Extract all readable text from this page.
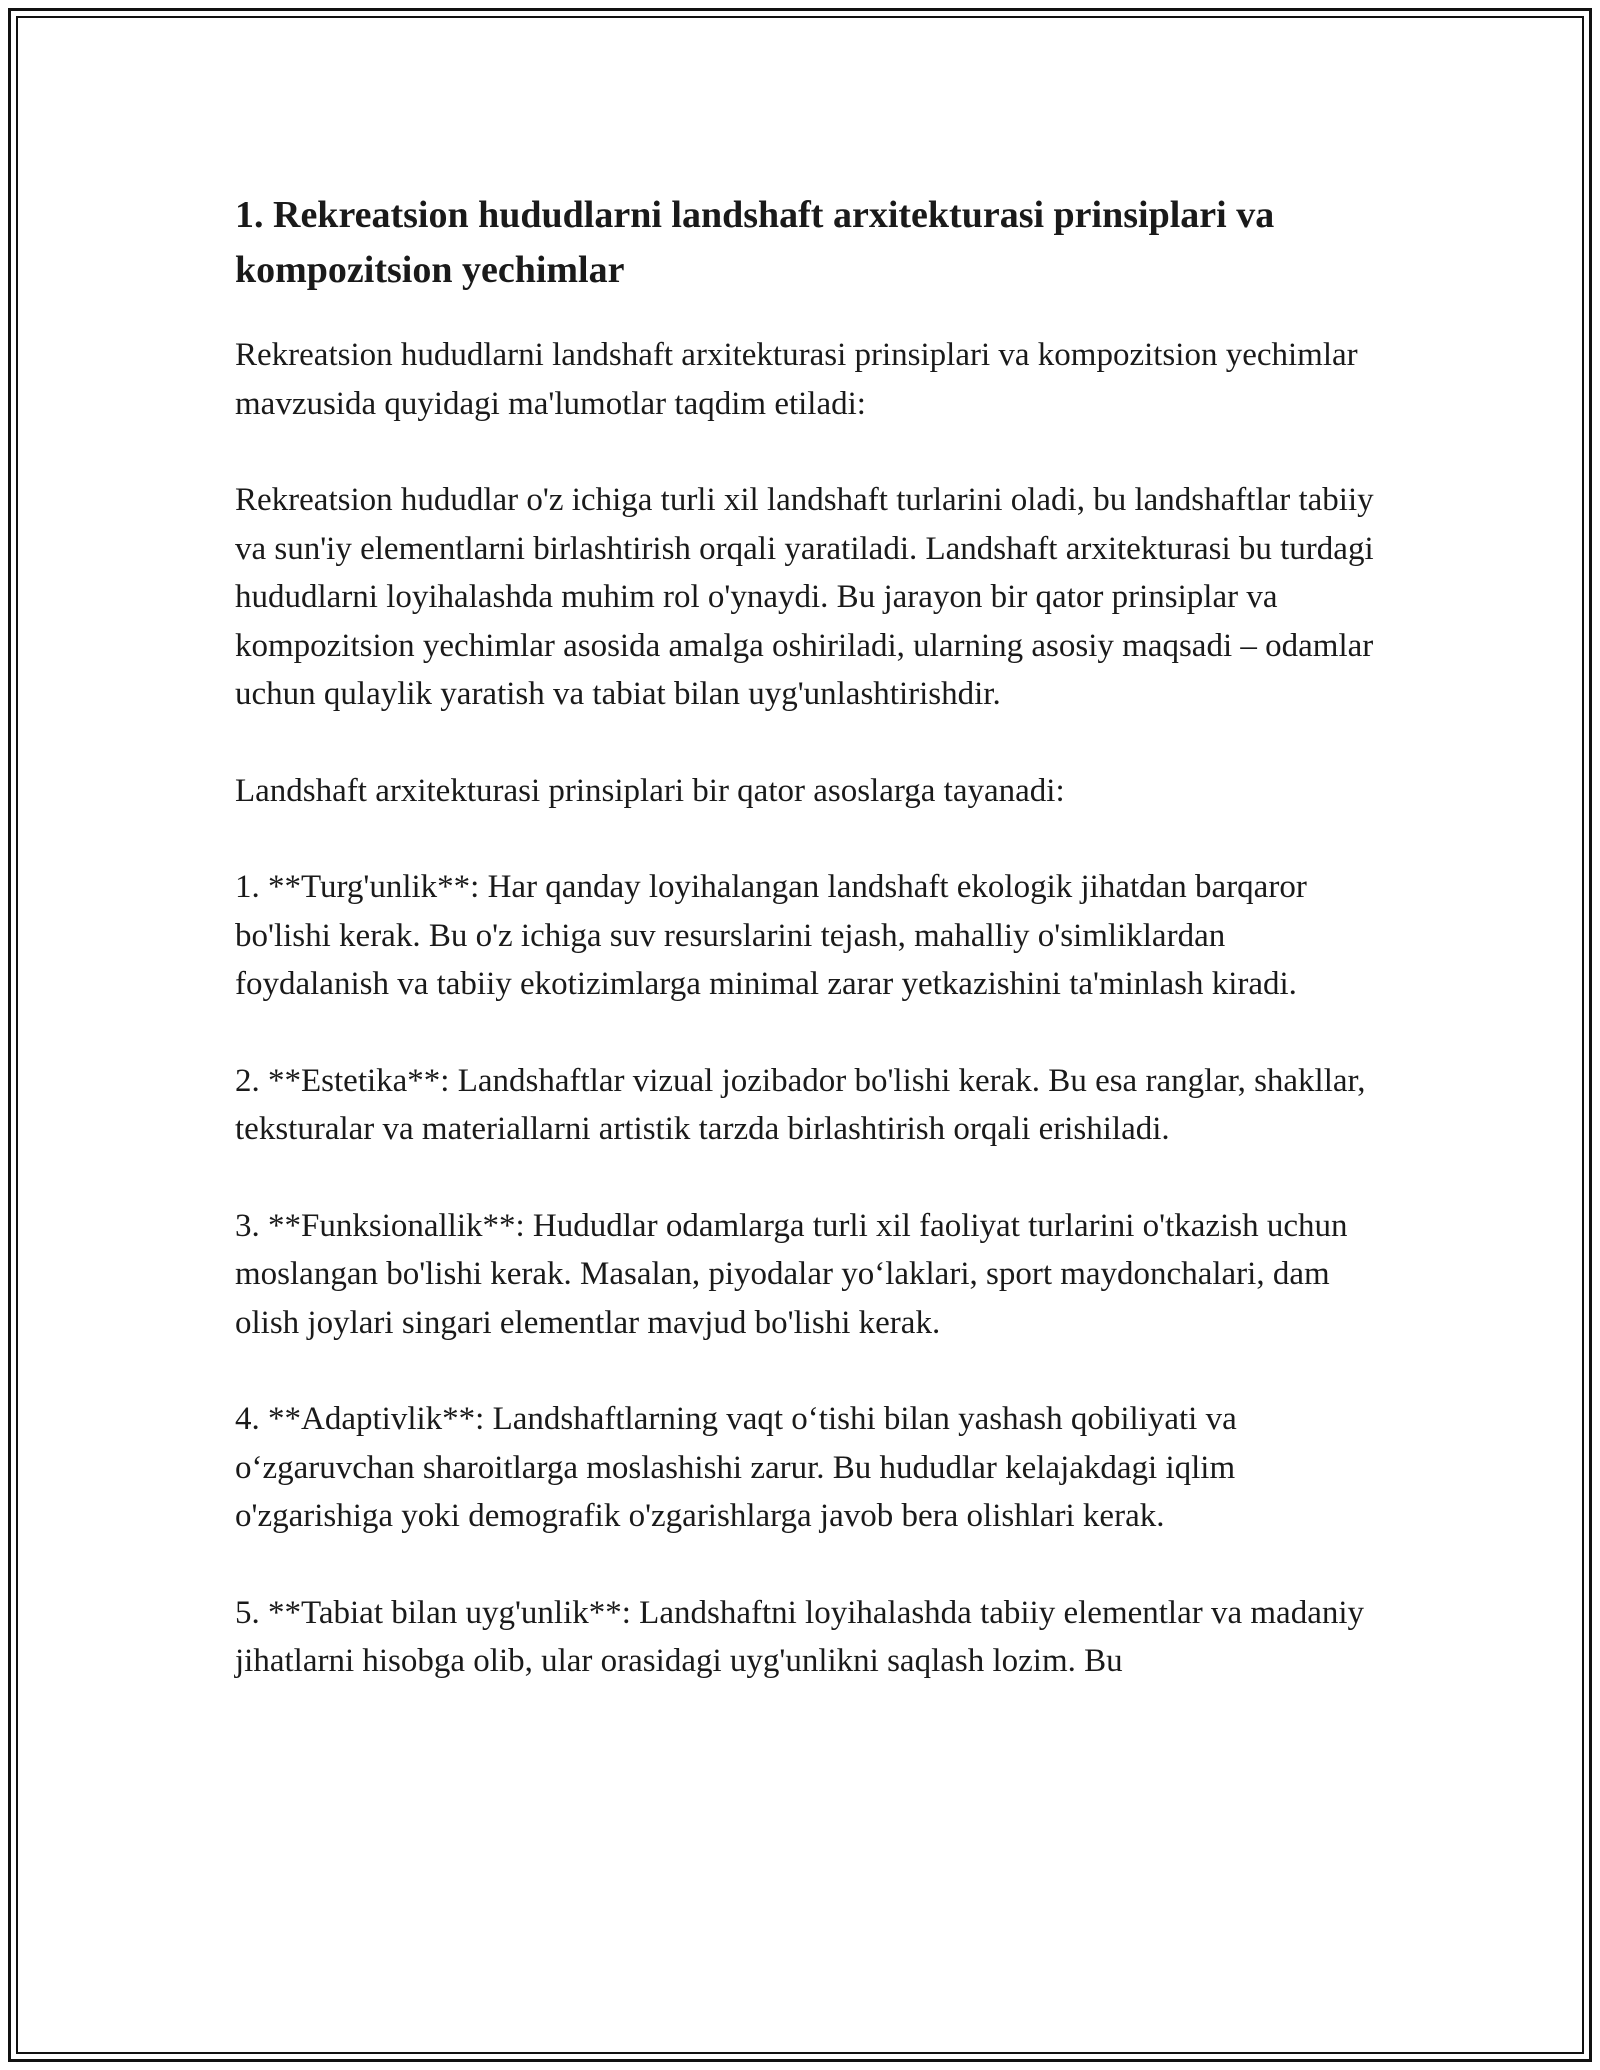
1. Rekreatsion hududlarni landshaft arxitekturasi prinsiplari va kompozitsion yechimlar

Rekreatsion hududlarni landshaft arxitekturasi prinsiplari va kompozitsion yechimlar mavzusida quyidagi ma'lumotlar taqdim etiladi:

Rekreatsion hududlar o'z ichiga turli xil landshaft turlarini oladi, bu landshaftlar tabiiy va sun'iy elementlarni birlashtirish orqali yaratiladi. Landshaft arxitekturasi bu turdagi hududlarni loyihalashda muhim rol o'ynaydi. Bu jarayon bir qator prinsiplar va kompozitsion yechimlar asosida amalga oshiriladi, ularning asosiy maqsadi – odamlar uchun qulaylik yaratish va tabiat bilan uyg'unlashtirishdir.

Landshaft arxitekturasi prinsiplari bir qator asoslarga tayanadi:

1. **Turg'unlik**: Har qanday loyihalangan landshaft ekologik jihatdan barqaror bo'lishi kerak. Bu o'z ichiga suv resurslarini tejash, mahalliy o'simliklardan foydalanish va tabiiy ekotizimlarga minimal zarar yetkazishini ta'minlash kiradi.

2. **Estetika**: Landshaftlar vizual jozibador bo'lishi kerak. Bu esa ranglar, shakllar, teksturalar va materiallarni artistik tarzda birlashtirish orqali erishiladi.

3. **Funksionallik**: Hududlar odamlarga turli xil faoliyat turlarini o'tkazish uchun moslangan bo'lishi kerak. Masalan, piyodalar yo‘laklari, sport maydonchalari, dam olish joylari singari elementlar mavjud bo'lishi kerak.

4. **Adaptivlik**: Landshaftlarning vaqt o‘tishi bilan yashash qobiliyati va o‘zgaruvchan sharoitlarga moslashishi zarur. Bu hududlar kelajakdagi iqlim o'zgarishiga yoki demografik o'zgarishlarga javob bera olishlari kerak.

5. **Tabiat bilan uyg'unlik**: Landshaftni loyihalashda tabiiy elementlar va madaniy jihatlarni hisobga olib, ular orasidagi uyg'unlikni saqlash lozim. Bu
